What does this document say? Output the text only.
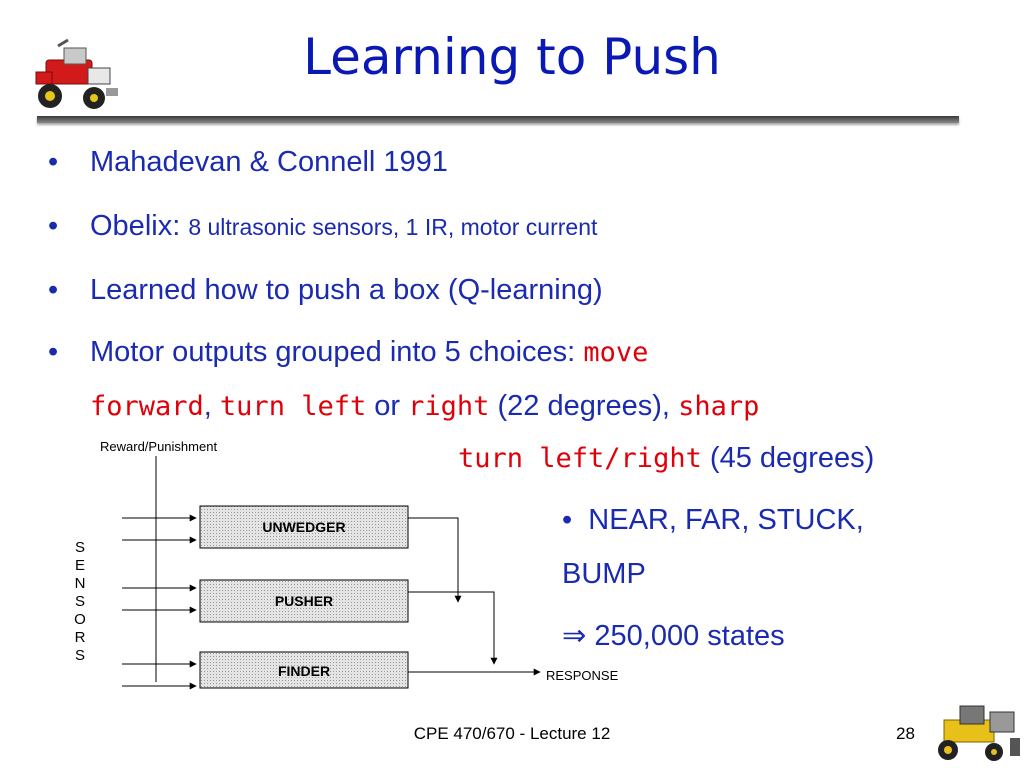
Learning to Push
• Mahadevan & Connell 1991
• Obelix: 8 ultrasonic sensors, 1 IR, motor current
• Learned how to push a box (Q-learning)
• Motor outputs grouped into 5 choices: move
forward, turn left or right (22 degrees), sharp
turn left/right (45 degrees)
• NEAR, FAR, STUCK,
BUMP
⇒ 250,000 states
Reward/Punishment
S
E
N
S
O
R
S
UNWEDGER
PUSHER
FINDER	RESPONSE
CPE 470/670 - Lecture 12	28
